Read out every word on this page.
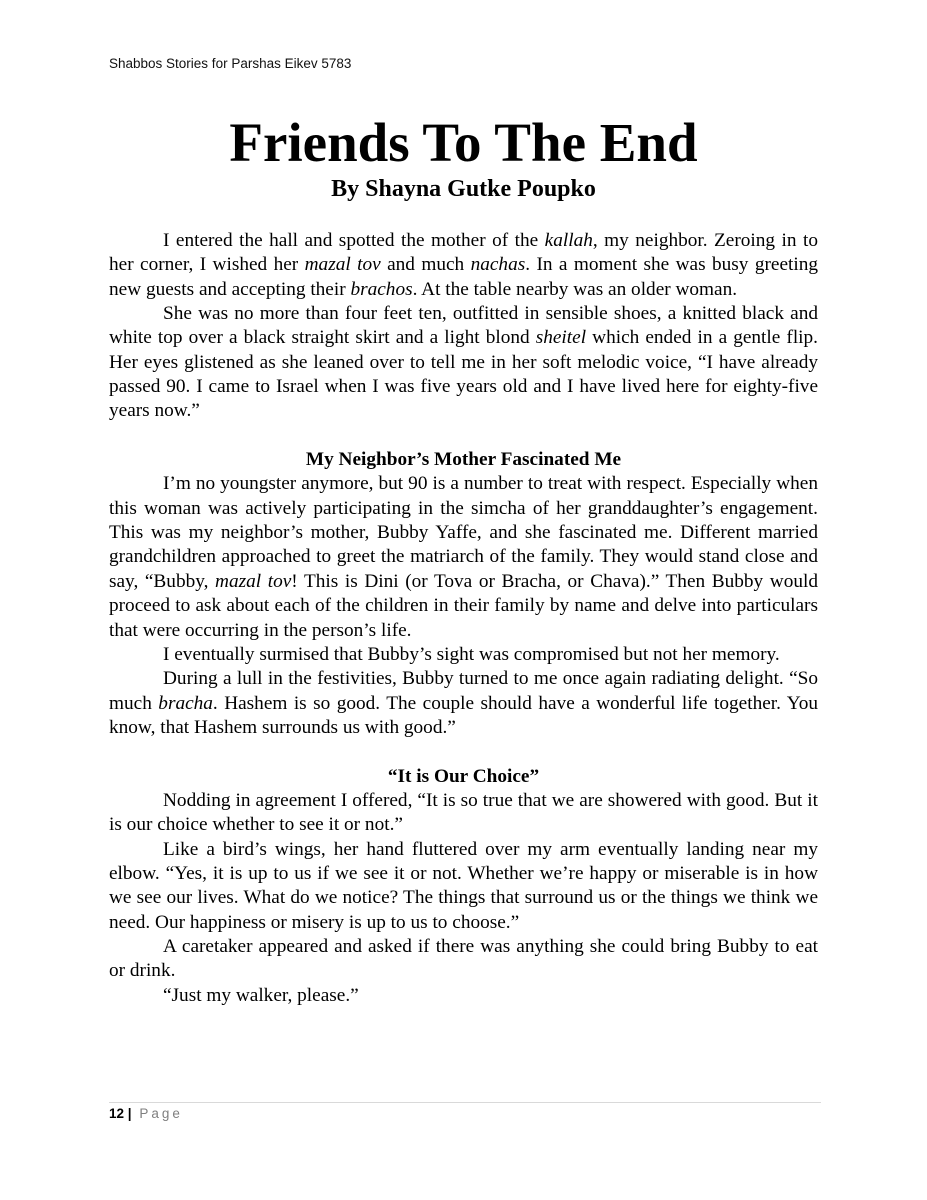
Shabbos Stories for Parshas Eikev 5783
Friends To The End
By Shayna Gutke Poupko

I entered the hall and spotted the mother of the kallah, my neighbor. Zeroing in to her corner, I wished her mazal tov and much nachas. In a moment she was busy greeting new guests and accepting their brachos. At the table nearby was an older woman.

She was no more than four feet ten, outfitted in sensible shoes, a knitted black and white top over a black straight skirt and a light blond sheitel which ended in a gentle flip. Her eyes glistened as she leaned over to tell me in her soft melodic voice, “I have already passed 90. I came to Israel when I was five years old and I have lived here for eighty-five years now.”

My Neighbor’s Mother Fascinated Me

I’m no youngster anymore, but 90 is a number to treat with respect. Especially when this woman was actively participating in the simcha of her granddaughter’s engagement. This was my neighbor’s mother, Bubby Yaffe, and she fascinated me. Different married grandchildren approached to greet the matriarch of the family. They would stand close and say, “Bubby, mazal tov! This is Dini (or Tova or Bracha, or Chava).” Then Bubby would proceed to ask about each of the children in their family by name and delve into particulars that were occurring in the person’s life.

I eventually surmised that Bubby’s sight was compromised but not her memory.

During a lull in the festivities, Bubby turned to me once again radiating delight. “So much bracha. Hashem is so good. The couple should have a wonderful life together. You know, that Hashem surrounds us with good.”

“It is Our Choice”

Nodding in agreement I offered, “It is so true that we are showered with good. But it is our choice whether to see it or not.”

Like a bird’s wings, her hand fluttered over my arm eventually landing near my elbow. “Yes, it is up to us if we see it or not. Whether we’re happy or miserable is in how we see our lives. What do we notice? The things that surround us or the things we think we need. Our happiness or misery is up to us to choose.”

A caretaker appeared and asked if there was anything she could bring Bubby to eat or drink.

“Just my walker, please.”

12 | Page
